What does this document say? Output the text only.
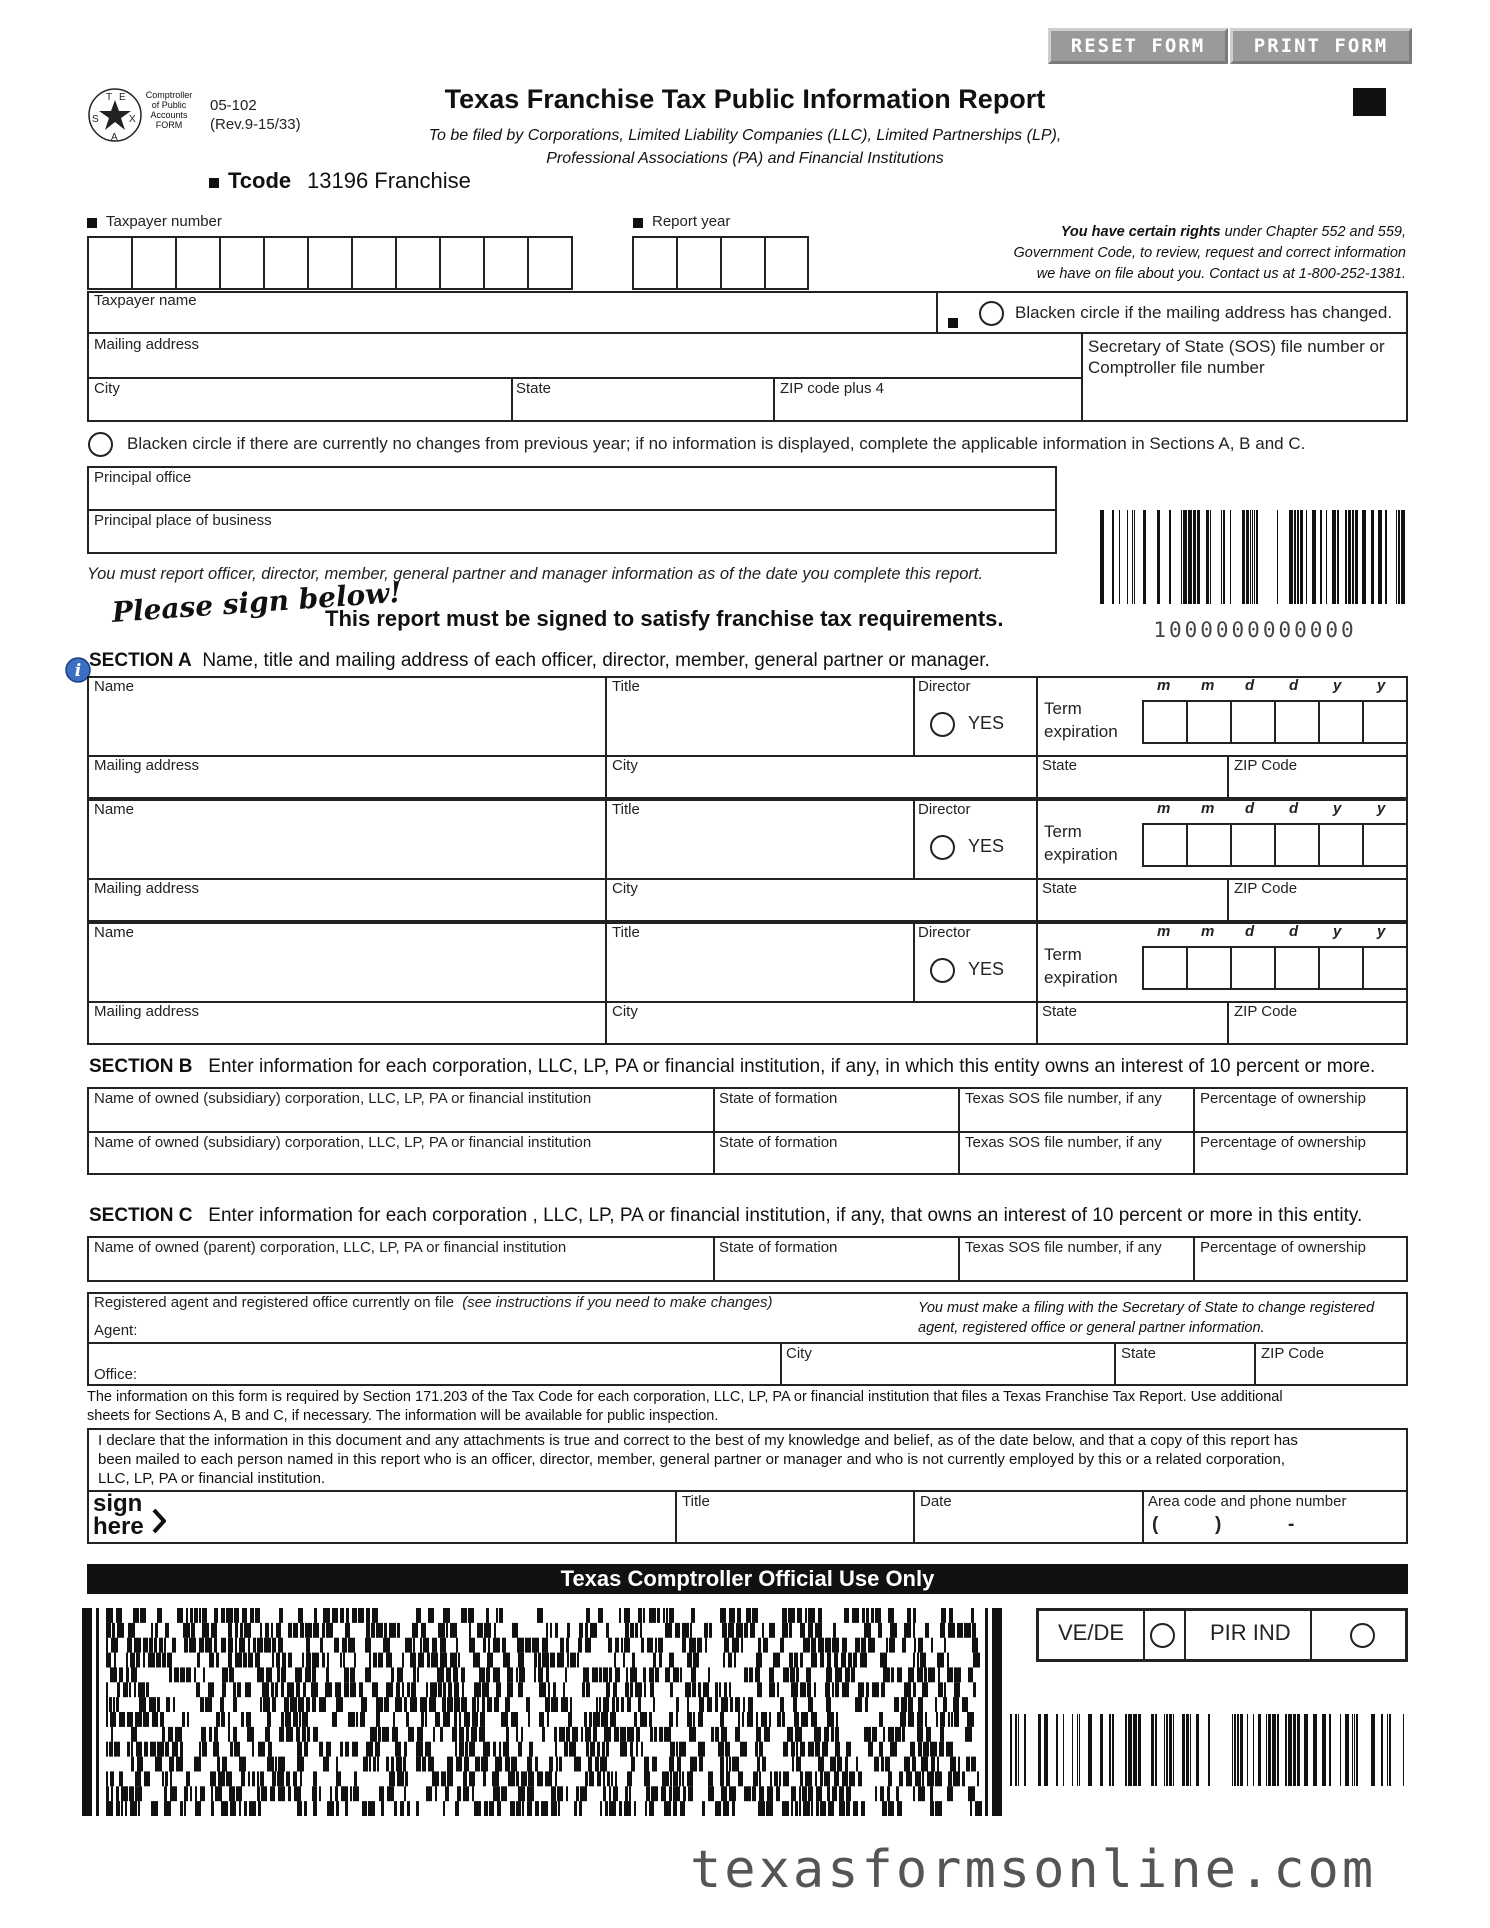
RESET FORM	PRINT FORM
T E
X
S
A
Comptroller
of Public
Accounts
FORM
05-102
(Rev.9-15/33)
Texas Franchise Tax Public Information Report
To be filed by Corporations, Limited Liability Companies (LLC), Limited Partnerships (LP),
Professional Associations (PA) and Financial Institutions
Tcode 13196 Franchise
Taxpayer number	Report year
You have certain rights under Chapter 552 and 559,
Government Code, to review, request and correct information
we have on file about you. Contact us at 1-800-252-1381.
Taxpayer name
Blacken circle if the mailing address has changed.
Mailing address	Secretary of State (SOS) file number or
Comptroller file number
City	State	ZIP code plus 4
Blacken circle if there are currently no changes from previous year; if no information is displayed, complete the applicable information in Sections A, B and C.
Principal office
Principal place of business
You must report officer, director, member, general partner and manager information as of the date you complete this report.
1000000000000
Please sign below!
This report must be signed to satisfy franchise tax requirements.
i SECTION A Name, title and mailing address of each officer, director, member, general partner or manager.
Name	Title	Director
YES
Term
expiration
m m d d y y
Mailing address	City	State	ZIP Code
Name	Title	Director
YES
Term
expiration
m m d d y y
Mailing address	City	State	ZIP Code
Name	Title	Director
YES
Term
expiration
m m d d y y
Mailing address	City	State	ZIP Code
SECTION B Enter information for each corporation, LLC, LP, PA or financial institution, if any, in which this entity owns an interest of 10 percent or more.
Name of owned (subsidiary) corporation, LLC, LP, PA or financial institution	State of formation	Texas SOS file number, if any	Percentage of ownership
Name of owned (subsidiary) corporation, LLC, LP, PA or financial institution	State of formation	Texas SOS file number, if any	Percentage of ownership
SECTION C Enter information for each corporation , LLC, LP, PA or financial institution, if any, that owns an interest of 10 percent or more in this entity.
Name of owned (parent) corporation, LLC, LP, PA or financial institution	State of formation	Texas SOS file number, if any	Percentage of ownership
Registered agent and registered office currently on file (see instructions if you need to make changes)
Agent:
You must make a filing with the Secretary of State to change registered
agent, registered office or general partner information.
Office:
City	State	ZIP Code
The information on this form is required by Section 171.203 of the Tax Code for each corporation, LLC, LP, PA or financial institution that files a Texas Franchise Tax Report. Use additional
sheets for Sections A, B and C, if necessary. The information will be available for public inspection.
I declare that the information in this document and any attachments is true and correct to the best of my knowledge and belief, as of the date below, and that a copy of this report has
been mailed to each person named in this report who is an officer, director, member, general partner or manager and who is not currently employed by this or a related corporation,
LLC, LP, PA or financial institution.
sign
here
Title	Date	Area code and phone number
(	)	-
Texas Comptroller Official Use Only
VE/DE	PIR IND
texasformsonline.com
